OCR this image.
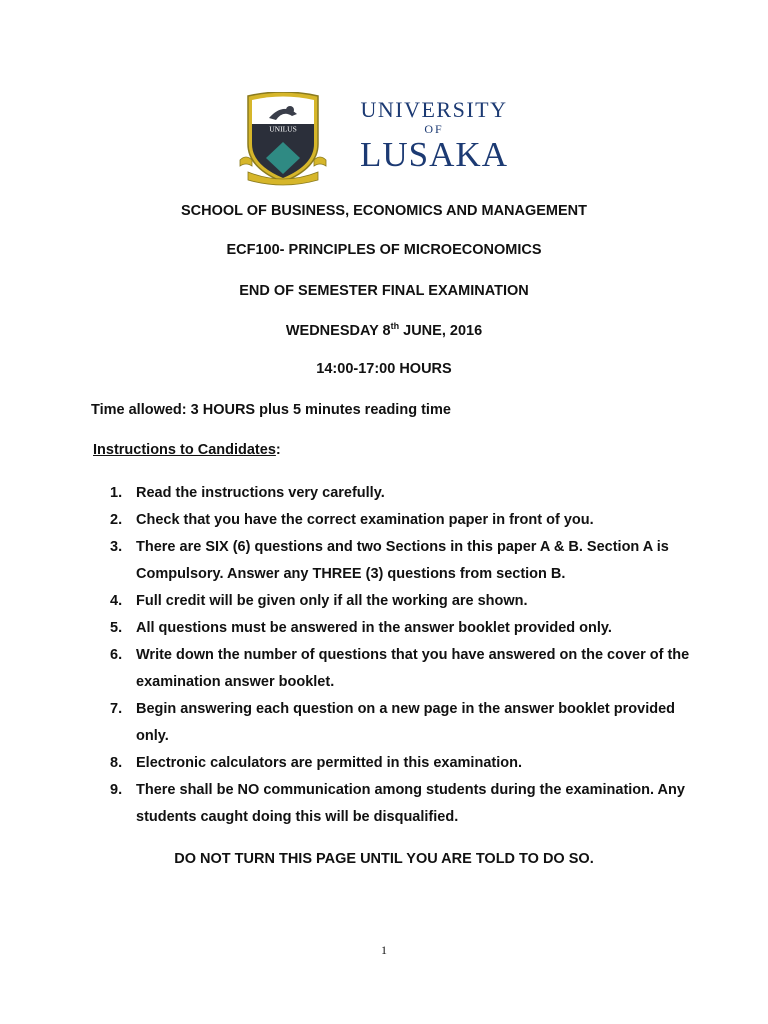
UNILUS
UNIVERSITY
OF
LUSAKA
SCHOOL OF BUSINESS, ECONOMICS AND MANAGEMENT
ECF100- PRINCIPLES OF MICROECONOMICS
END OF SEMESTER FINAL EXAMINATION
WEDNESDAY 8th JUNE, 2016
14:00-17:00 HOURS
Time allowed: 3 HOURS plus 5 minutes reading time
Instructions to Candidates:
1. Read the instructions very carefully.
2. Check that you have the correct examination paper in front of you.
3. There are SIX (6) questions and two Sections in this paper A & B. Section A is Compulsory. Answer any THREE (3) questions from section B.
4. Full credit will be given only if all the working are shown.
5. All questions must be answered in the answer booklet provided only.
6. Write down the number of questions that you have answered on the cover of the examination answer booklet.
7. Begin answering each question on a new page in the answer booklet provided only.
8. Electronic calculators are permitted in this examination.
9. There shall be NO communication among students during the examination. Any students caught doing this will be disqualified.
DO NOT TURN THIS PAGE UNTIL YOU ARE TOLD TO DO SO.
1
